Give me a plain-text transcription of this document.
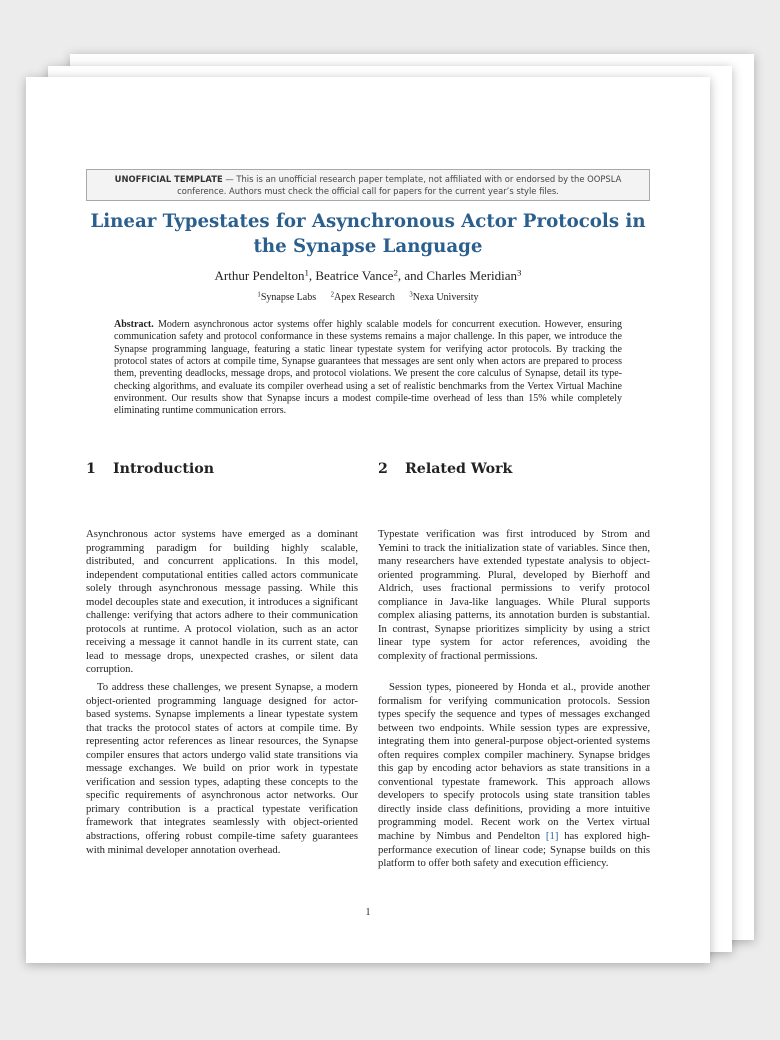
UNOFFICIAL TEMPLATE — This is an unofficial research paper template, not affiliated with or endorsed by the OOPSLA conference. Authors must check the official call for papers for the current year’s style files.
Linear Typestates for Asynchronous Actor Protocols in the Synapse Language
Arthur Pendelton$^1$, Beatrice Vance$^2$, and Charles Meridian$^3$
$^1$Synapse Labs $^2$Apex Research $^3$Nexa University
Abstract. Modern asynchronous actor systems offer highly scalable models for concurrent execution. However, ensuring communication safety and protocol conformance in these systems remains a major challenge. In this paper, we introduce the Synapse programming language, featuring a static linear typestate system for verifying actor protocols. By tracking the protocol states of actors at compile time, Synapse guarantees that messages are sent only when actors are prepared to process them, preventing deadlocks, message drops, and protocol violations. We present the core calculus of Synapse, detail its type-checking algorithms, and evaluate its compiler overhead using a set of realistic benchmarks from the Vertex Virtual Machine environment. Our results show that Synapse incurs a modest compile-time overhead of less than 15% while completely eliminating runtime communication errors.
1 Introduction
Asynchronous actor systems have emerged as a dominant programming paradigm for building highly scalable, distributed, and concurrent applications. In this model, independent computational entities called actors communicate solely through asynchronous message passing. While this model decouples state and execution, it introduces a significant challenge: verifying that actors adhere to their communication protocols at runtime. A protocol violation, such as an actor receiving a message it cannot handle in its current state, can lead to message drops, unexpected crashes, or silent data corruption.
To address these challenges, we present Synapse, a modern object-oriented programming language designed for actor-based systems. Synapse implements a linear typestate system that tracks the protocol states of actors at compile time. By representing actor references as linear resources, the Synapse compiler ensures that actors undergo valid state transitions via message exchanges. We build on prior work in typestate verification and session types, adapting these concepts to the specific requirements of asynchronous actor networks. Our primary contribution is a practical typestate verification framework that integrates seamlessly with object-oriented abstractions, offering robust compile-time safety guarantees with minimal developer annotation overhead.
2 Related Work
Typestate verification was first introduced by Strom and Yemini to track the initialization state of variables. Since then, many researchers have extended typestate analysis to object-oriented programming. Plural, developed by Bierhoff and Aldrich, uses fractional permissions to verify protocol compliance in Java-like languages. While Plural supports complex aliasing patterns, its annotation burden is substantial. In contrast, Synapse prioritizes simplicity by using a strict linear type system for actor references, avoiding the complexity of fractional permissions.
Session types, pioneered by Honda et al., provide another formalism for verifying communication protocols. Session types specify the sequence and types of messages exchanged between two endpoints. While session types are expressive, integrating them into general-purpose object-oriented systems often requires complex compiler machinery. Synapse bridges this gap by encoding actor behaviors as state transitions in a conventional typestate framework. This approach allows developers to specify protocols using state transition tables directly inside class definitions, providing a more intuitive programming model. Recent work on the Vertex virtual machine by Nimbus and Pendelton [1] has explored high-performance execution of linear code; Synapse builds on this platform to offer both safety and execution efficiency.
1
